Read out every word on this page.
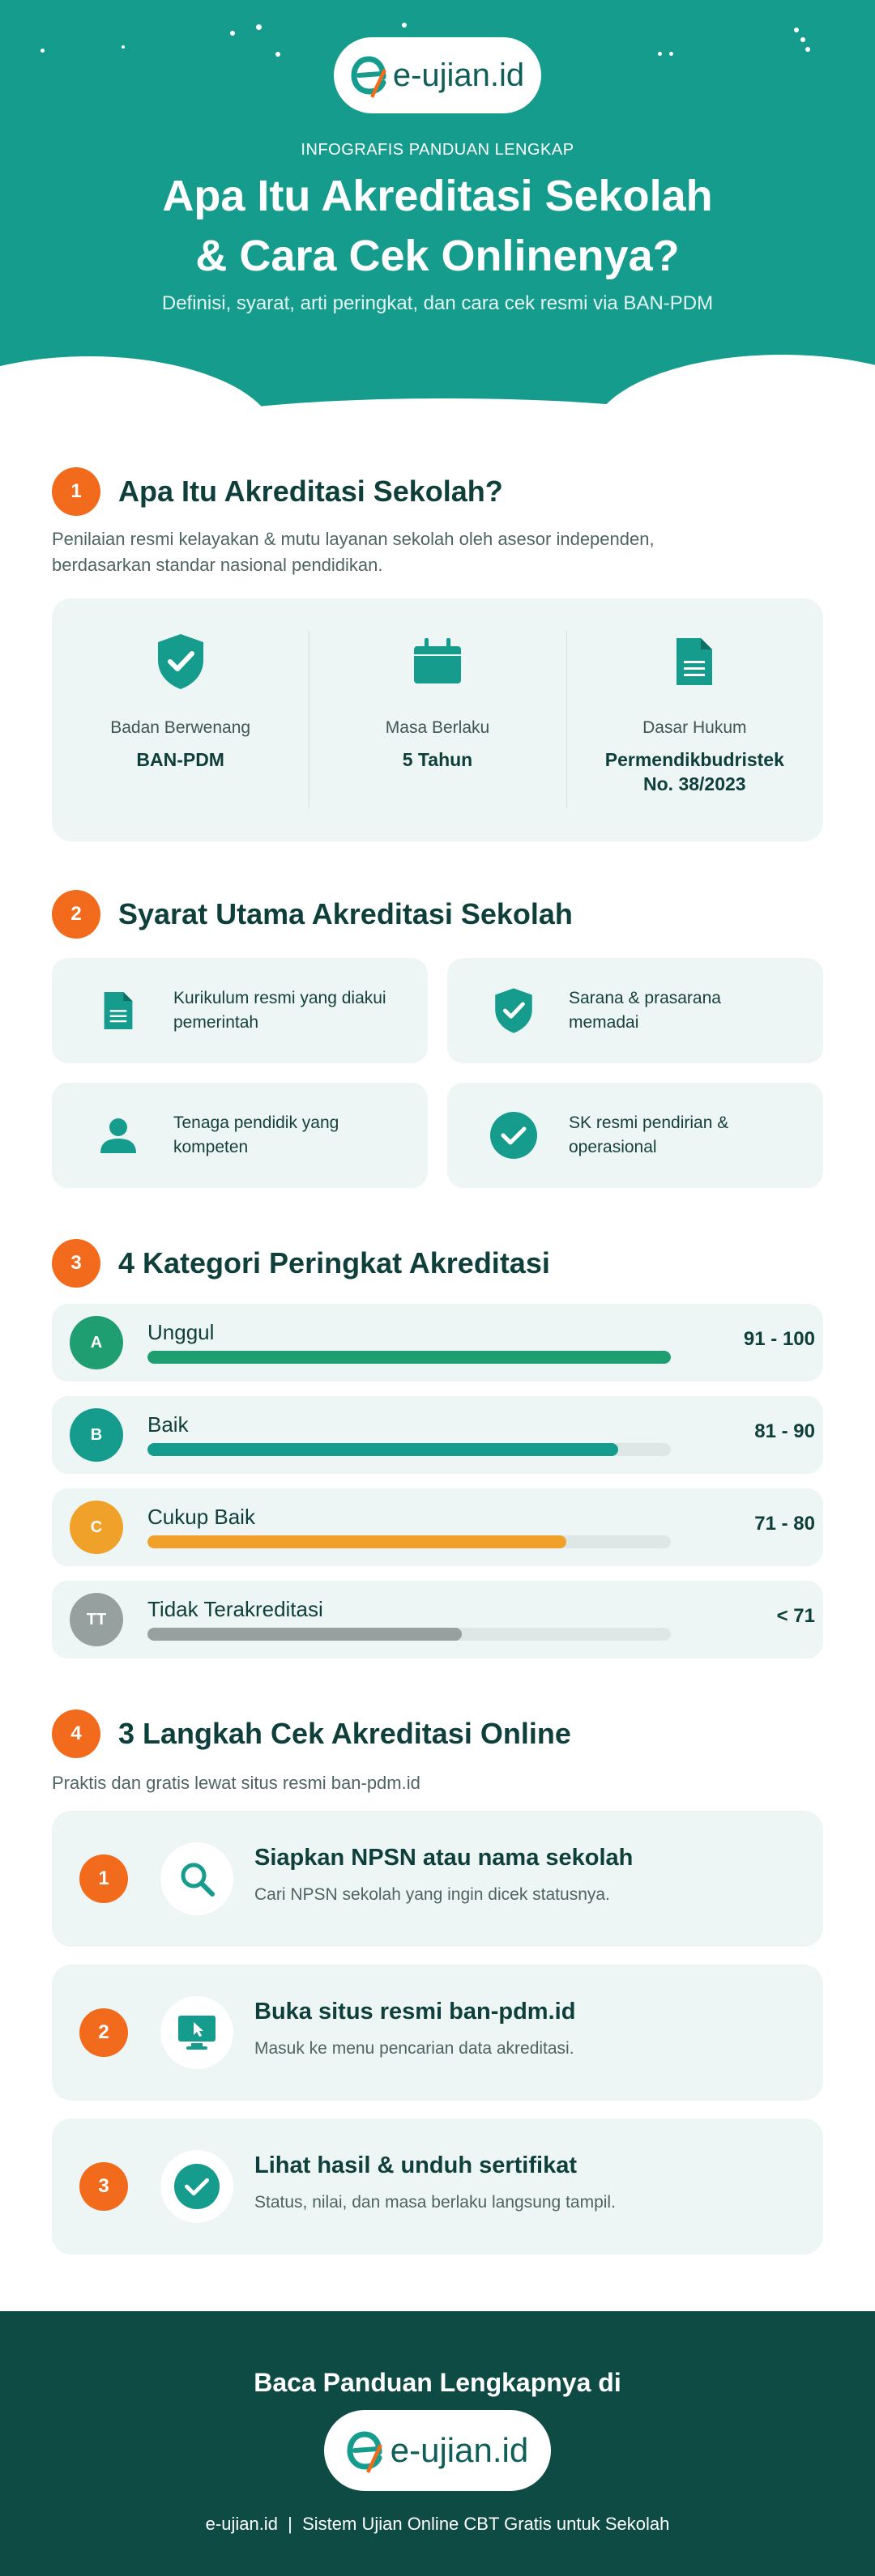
e-ujian.id
INFOGRAFIS PANDUAN LENGKAP
Apa Itu Akreditasi Sekolah
& Cara Cek Onlinenya?
Definisi, syarat, arti peringkat, dan cara cek resmi via BAN-PDM
1	Apa Itu Akreditasi Sekolah?
Penilaian resmi kelayakan & mutu layanan sekolah oleh asesor independen,
berdasarkan standar nasional pendidikan.
Badan Berwenang
BAN-PDM
Masa Berlaku
5 Tahun
Dasar Hukum
Permendikbudristek
No. 38/2023
2	Syarat Utama Akreditasi Sekolah
Kurikulum resmi yang diakui
pemerintah
Sarana & prasarana
memadai
Tenaga pendidik yang
kompeten
SK resmi pendirian &
operasional
3	4 Kategori Peringkat Akreditasi
A	Unggul	91 - 100
B	Baik	81 - 90
C	Cukup Baik	71 - 80
TT	Tidak Terakreditasi	< 71
4	3 Langkah Cek Akreditasi Online
Praktis dan gratis lewat situs resmi ban-pdm.id
1
Siapkan NPSN atau nama sekolah
Cari NPSN sekolah yang ingin dicek statusnya.
2
Buka situs resmi ban-pdm.id
Masuk ke menu pencarian data akreditasi.
3
Lihat hasil & unduh sertifikat
Status, nilai, dan masa berlaku langsung tampil.
Baca Panduan Lengkapnya di
e-ujian.id
e-ujian.id  |  Sistem Ujian Online CBT Gratis untuk Sekolah
